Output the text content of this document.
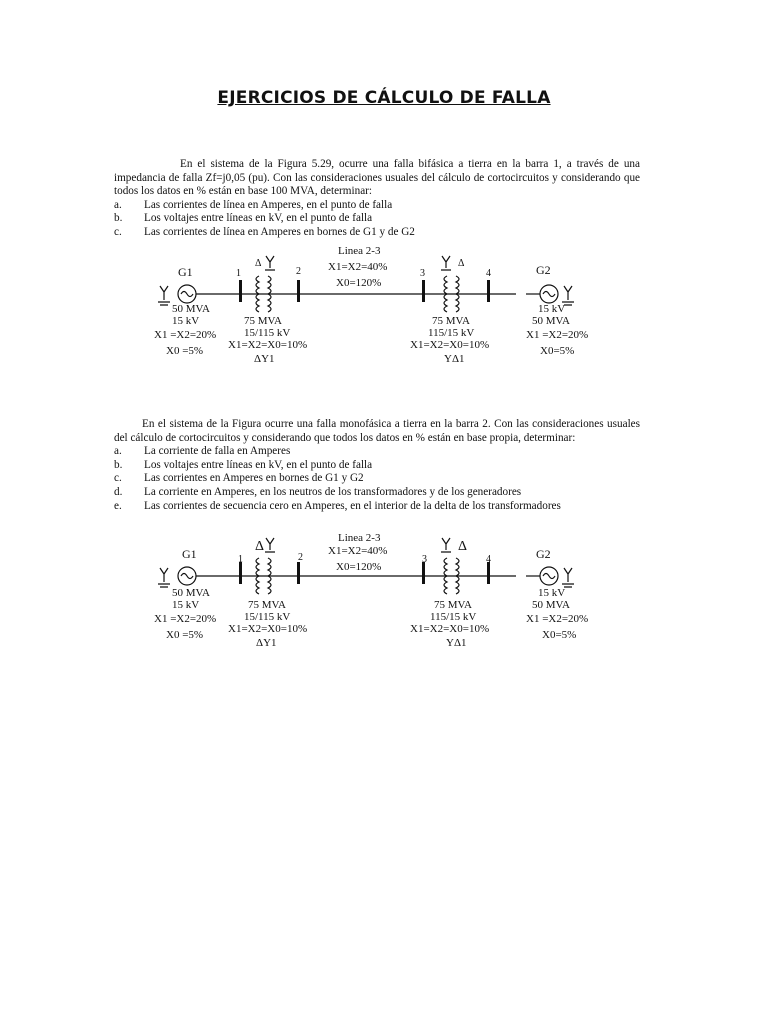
EJERCICIOS DE CÁLCULO DE FALLA

En el sistema de la Figura 5.29, ocurre una falla bifásica a tierra en la barra 1, a través de una impedancia de falla Zf=j0,05 (pu). Con las consideraciones usuales del cálculo de cortocircuitos y considerando que todos los datos en % están en base 100 MVA, determinar:

a.	Las corrientes de línea en Amperes, en el punto de falla
b.	Los voltajes entre líneas en kV, en el punto de falla
c.	Las corrientes de línea en Amperes en bornes de G1 y de G2
G1	G2
1	2	3	4
Δ	Δ
Linea 2-3
X1=X2=40%
X0=120%
50 MVA
15 kV
X1 =X2=20%
X0 =5%
75 MVA
15/115 kV
X1=X2=X0=10%
ΔY1
75 MVA
115/15 kV
X1=X2=X0=10%
YΔ1
15 kV
50 MVA
X1 =X2=20%
X0=5%

En el sistema de la Figura ocurre una falla monofásica a tierra en la barra 2. Con las consideraciones usuales del cálculo de cortocircuitos y considerando que todos los datos en % están en base propia, determinar:

a.	La corriente de falla en Amperes
b.	Los voltajes entre líneas en kV, en el punto de falla
c.	Las corrientes en Amperes en bornes de G1 y G2
d.	La corriente en Amperes, en los neutros de los transformadores y de los generadores
e.	Las corrientes de secuencia cero en Amperes, en el interior de la delta de los transformadores
G1	G2
1	2	3	4
Δ	Δ
Linea 2-3
X1=X2=40%
X0=120%
50 MVA
15 kV
X1 =X2=20%
X0 =5%
75 MVA
15/115 kV
X1=X2=X0=10%
ΔY1
75 MVA
115/15 kV
X1=X2=X0=10%
YΔ1
15 kV
50 MVA
X1 =X2=20%
X0=5%
